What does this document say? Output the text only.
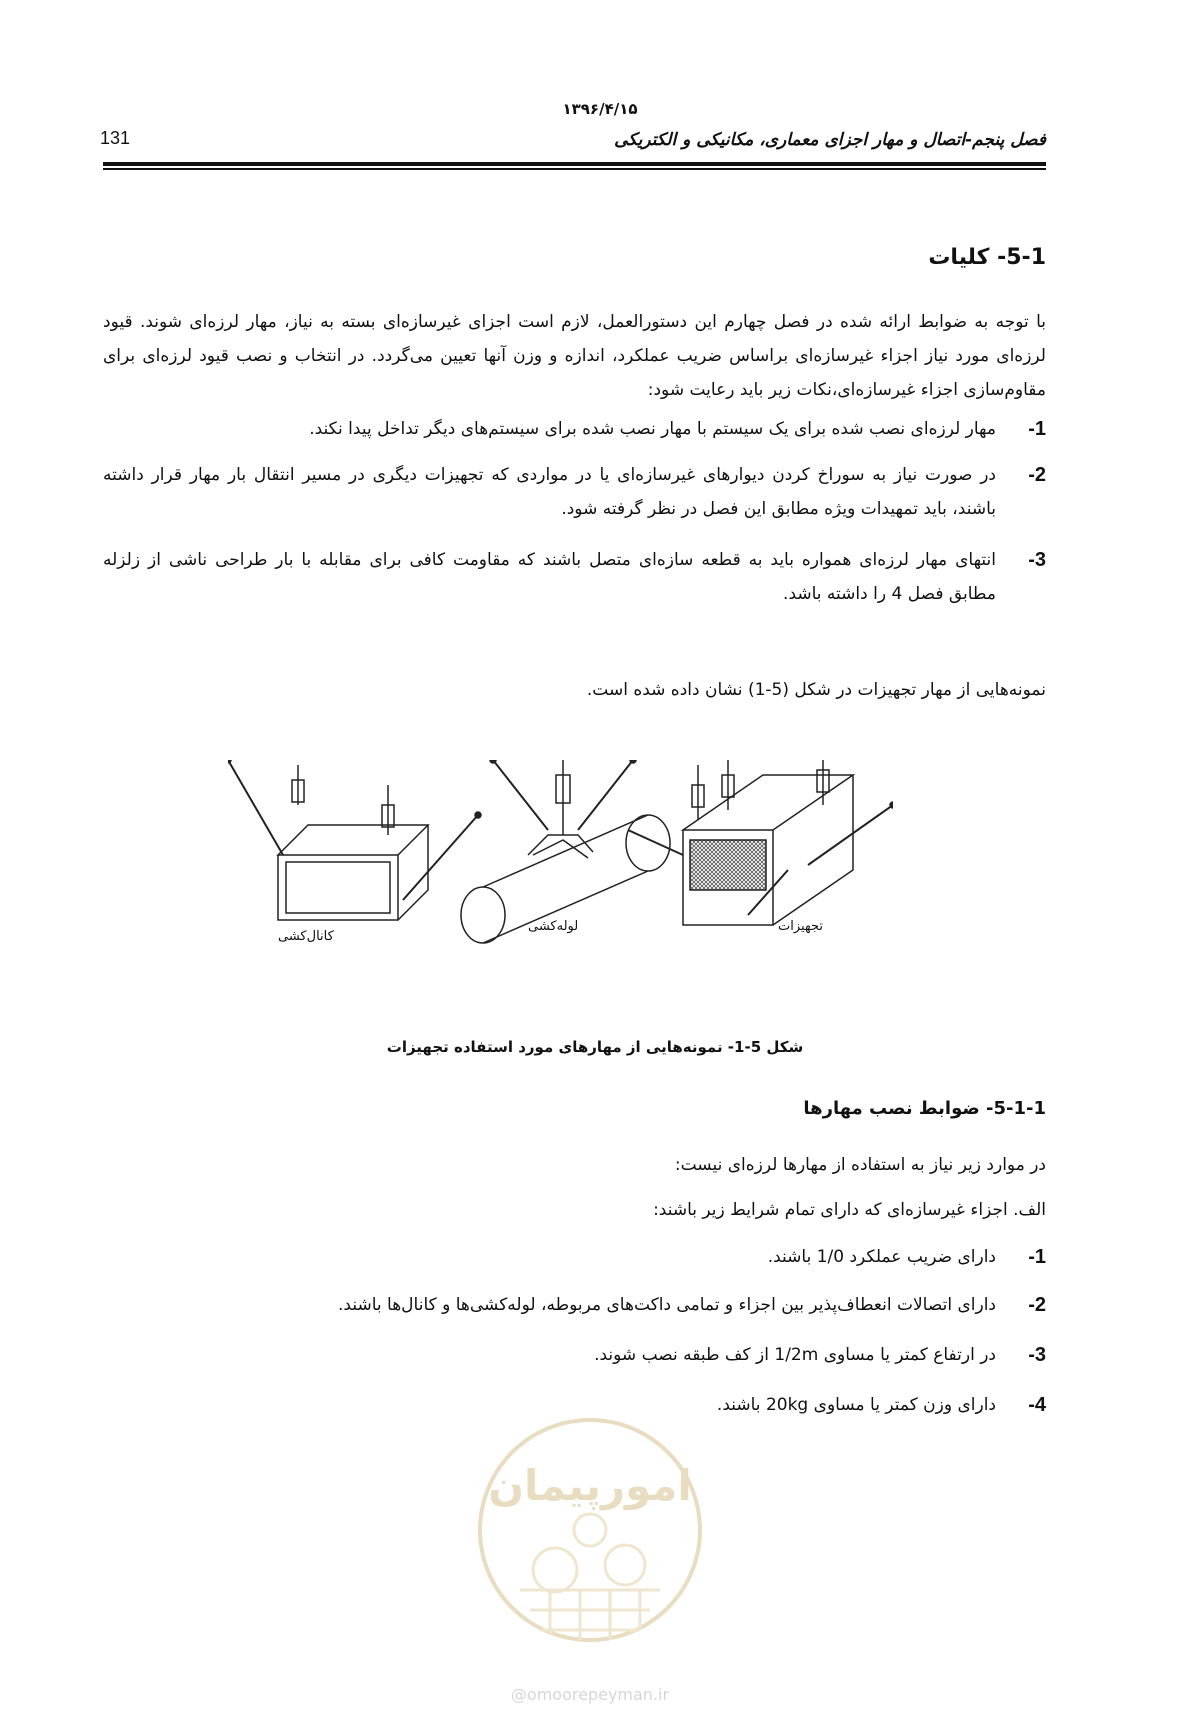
۱۳۹۶/۴/۱۵
131	فصل پنجم-اتصال و مهار اجزای معماری، مکانیکی و الکتریکی
5-1- کلیات
با توجه به ضوابط ارائه شده در فصل چهارم این دستورالعمل، لازم است اجزای غیرسازه‌ای بسته به نیاز، مهار لرزه‌ای شوند. قیود لرزه‌ای مورد نیاز اجزاء غیرسازه‌ای براساس ضریب عملکرد، اندازه و وزن آنها تعیین می‌گردد. در انتخاب و نصب قیود لرزه‌ای برای مقاوم‌سازی اجزاء غیرسازه‌ای،نکات زیر باید رعایت شود:
1-
مهار لرزه‌ای نصب شده برای یک سیستم با مهار نصب شده برای سیستم‌های دیگر تداخل پیدا نکند.
2-
در صورت نیاز به سوراخ کردن دیوارهای غیرسازه‌ای یا در مواردی که تجهیزات دیگری در مسیر انتقال بار مهار قرار داشته باشند، باید تمهیدات ویژه مطابق این فصل در نظر گرفته شود.
3-
انتهای مهار لرزه‌ای همواره باید به قطعه سازه‌ای متصل باشند که مقاومت کافی برای مقابله با بار طراحی ناشی از زلزله مطابق فصل 4 را داشته باشد.
نمونه‌هایی از مهار تجهیزات در شکل (5-1) نشان داده شده است.
کانال‌کشی
لوله‌کشی	تجهیزات
شکل 5-1- نمونه‌هایی از مهارهای مورد استفاده تجهیزات
5-1-1- ضوابط نصب مهارها
در موارد زیر نیاز به استفاده از مهارها لرزه‌ای نیست:
الف. اجزاء غیرسازه‌ای که دارای تمام شرایط زیر باشند:
1-
دارای ضریب عملکرد 1/0 باشند.
2-
دارای اتصالات انعطاف‌پذیر بین اجزاء و تمامی داکت‌های مربوطه، لوله‌کشی‌ها و کانال‌ها باشند.
3-
در ارتفاع کمتر یا مساوی 1/2m از کف طبقه نصب شوند.
4-
دارای وزن کمتر یا مساوی 20kg باشند.
امورپیمان
@omoorepeyman.ir
